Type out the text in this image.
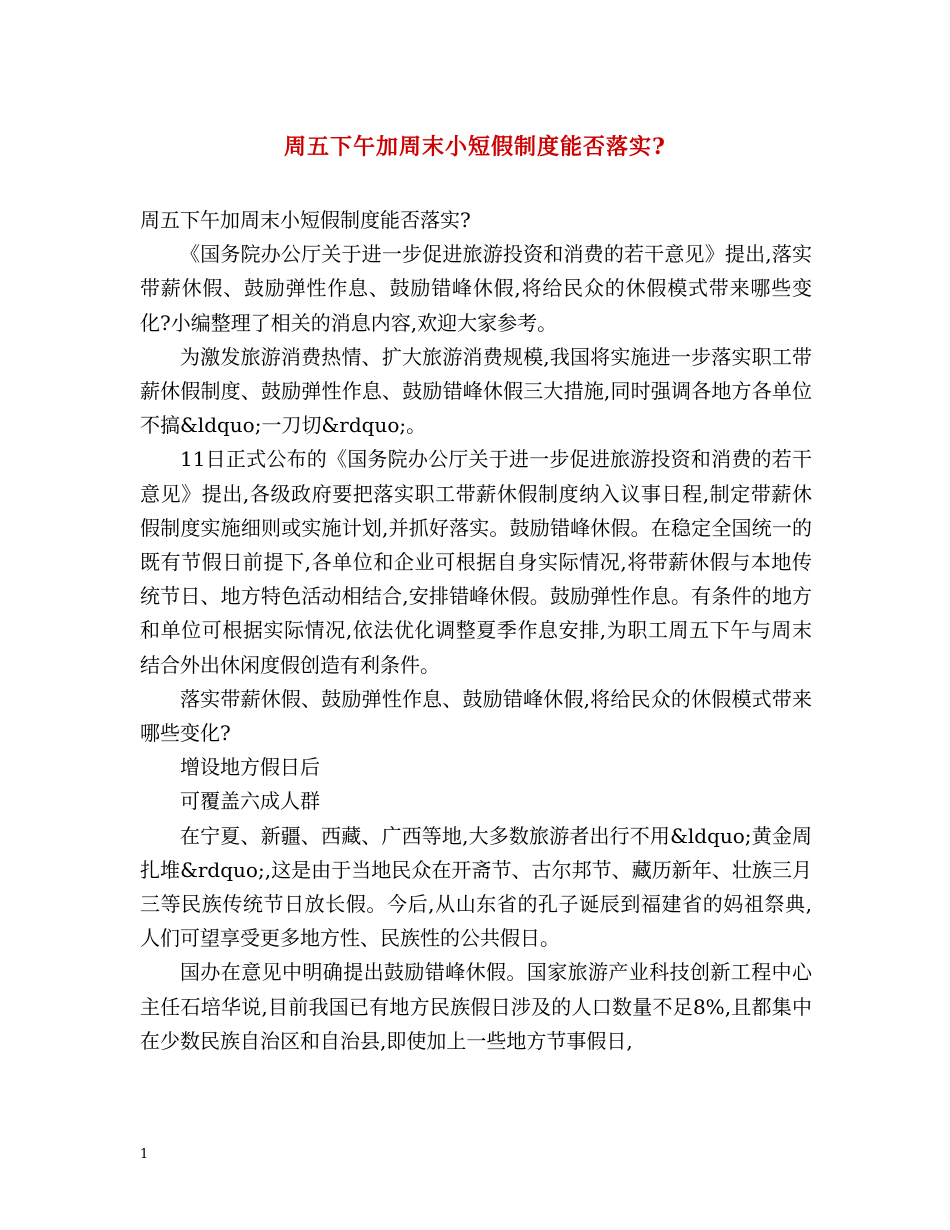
周五下午加周末小短假制度能否落实?

周五下午加周末小短假制度能否落实?

《国务院办公厅关于进一步促进旅游投资和消费的若干意见》提出,落实带薪休假、鼓励弹性作息、鼓励错峰休假,将给民众的休假模式带来哪些变化?小编整理了相关的消息内容,欢迎大家参考。

为激发旅游消费热情、扩大旅游消费规模,我国将实施进一步落实职工带薪休假制度、鼓励弹性作息、鼓励错峰休假三大措施,同时强调各地方各单位不搞&ldquo;一刀切&rdquo;。

11日正式公布的《国务院办公厅关于进一步促进旅游投资和消费的若干意见》提出,各级政府要把落实职工带薪休假制度纳入议事日程,制定带薪休假制度实施细则或实施计划,并抓好落实。鼓励错峰休假。在稳定全国统一的既有节假日前提下,各单位和企业可根据自身实际情况,将带薪休假与本地传统节日、地方特色活动相结合,安排错峰休假。鼓励弹性作息。有条件的地方和单位可根据实际情况,依法优化调整夏季作息安排,为职工周五下午与周末结合外出休闲度假创造有利条件。

落实带薪休假、鼓励弹性作息、鼓励错峰休假,将给民众的休假模式带来哪些变化?

增设地方假日后

可覆盖六成人群

在宁夏、新疆、西藏、广西等地,大多数旅游者出行不用&ldquo;黄金周扎堆&rdquo;,这是由于当地民众在开斋节、古尔邦节、藏历新年、壮族三月三等民族传统节日放长假。今后,从山东省的孔子诞辰到福建省的妈祖祭典,人们可望享受更多地方性、民族性的公共假日。

国办在意见中明确提出鼓励错峰休假。国家旅游产业科技创新工程中心主任石培华说,目前我国已有地方民族假日涉及的人口数量不足8%,且都集中在少数民族自治区和自治县,即使加上一些地方节事假日,

1
